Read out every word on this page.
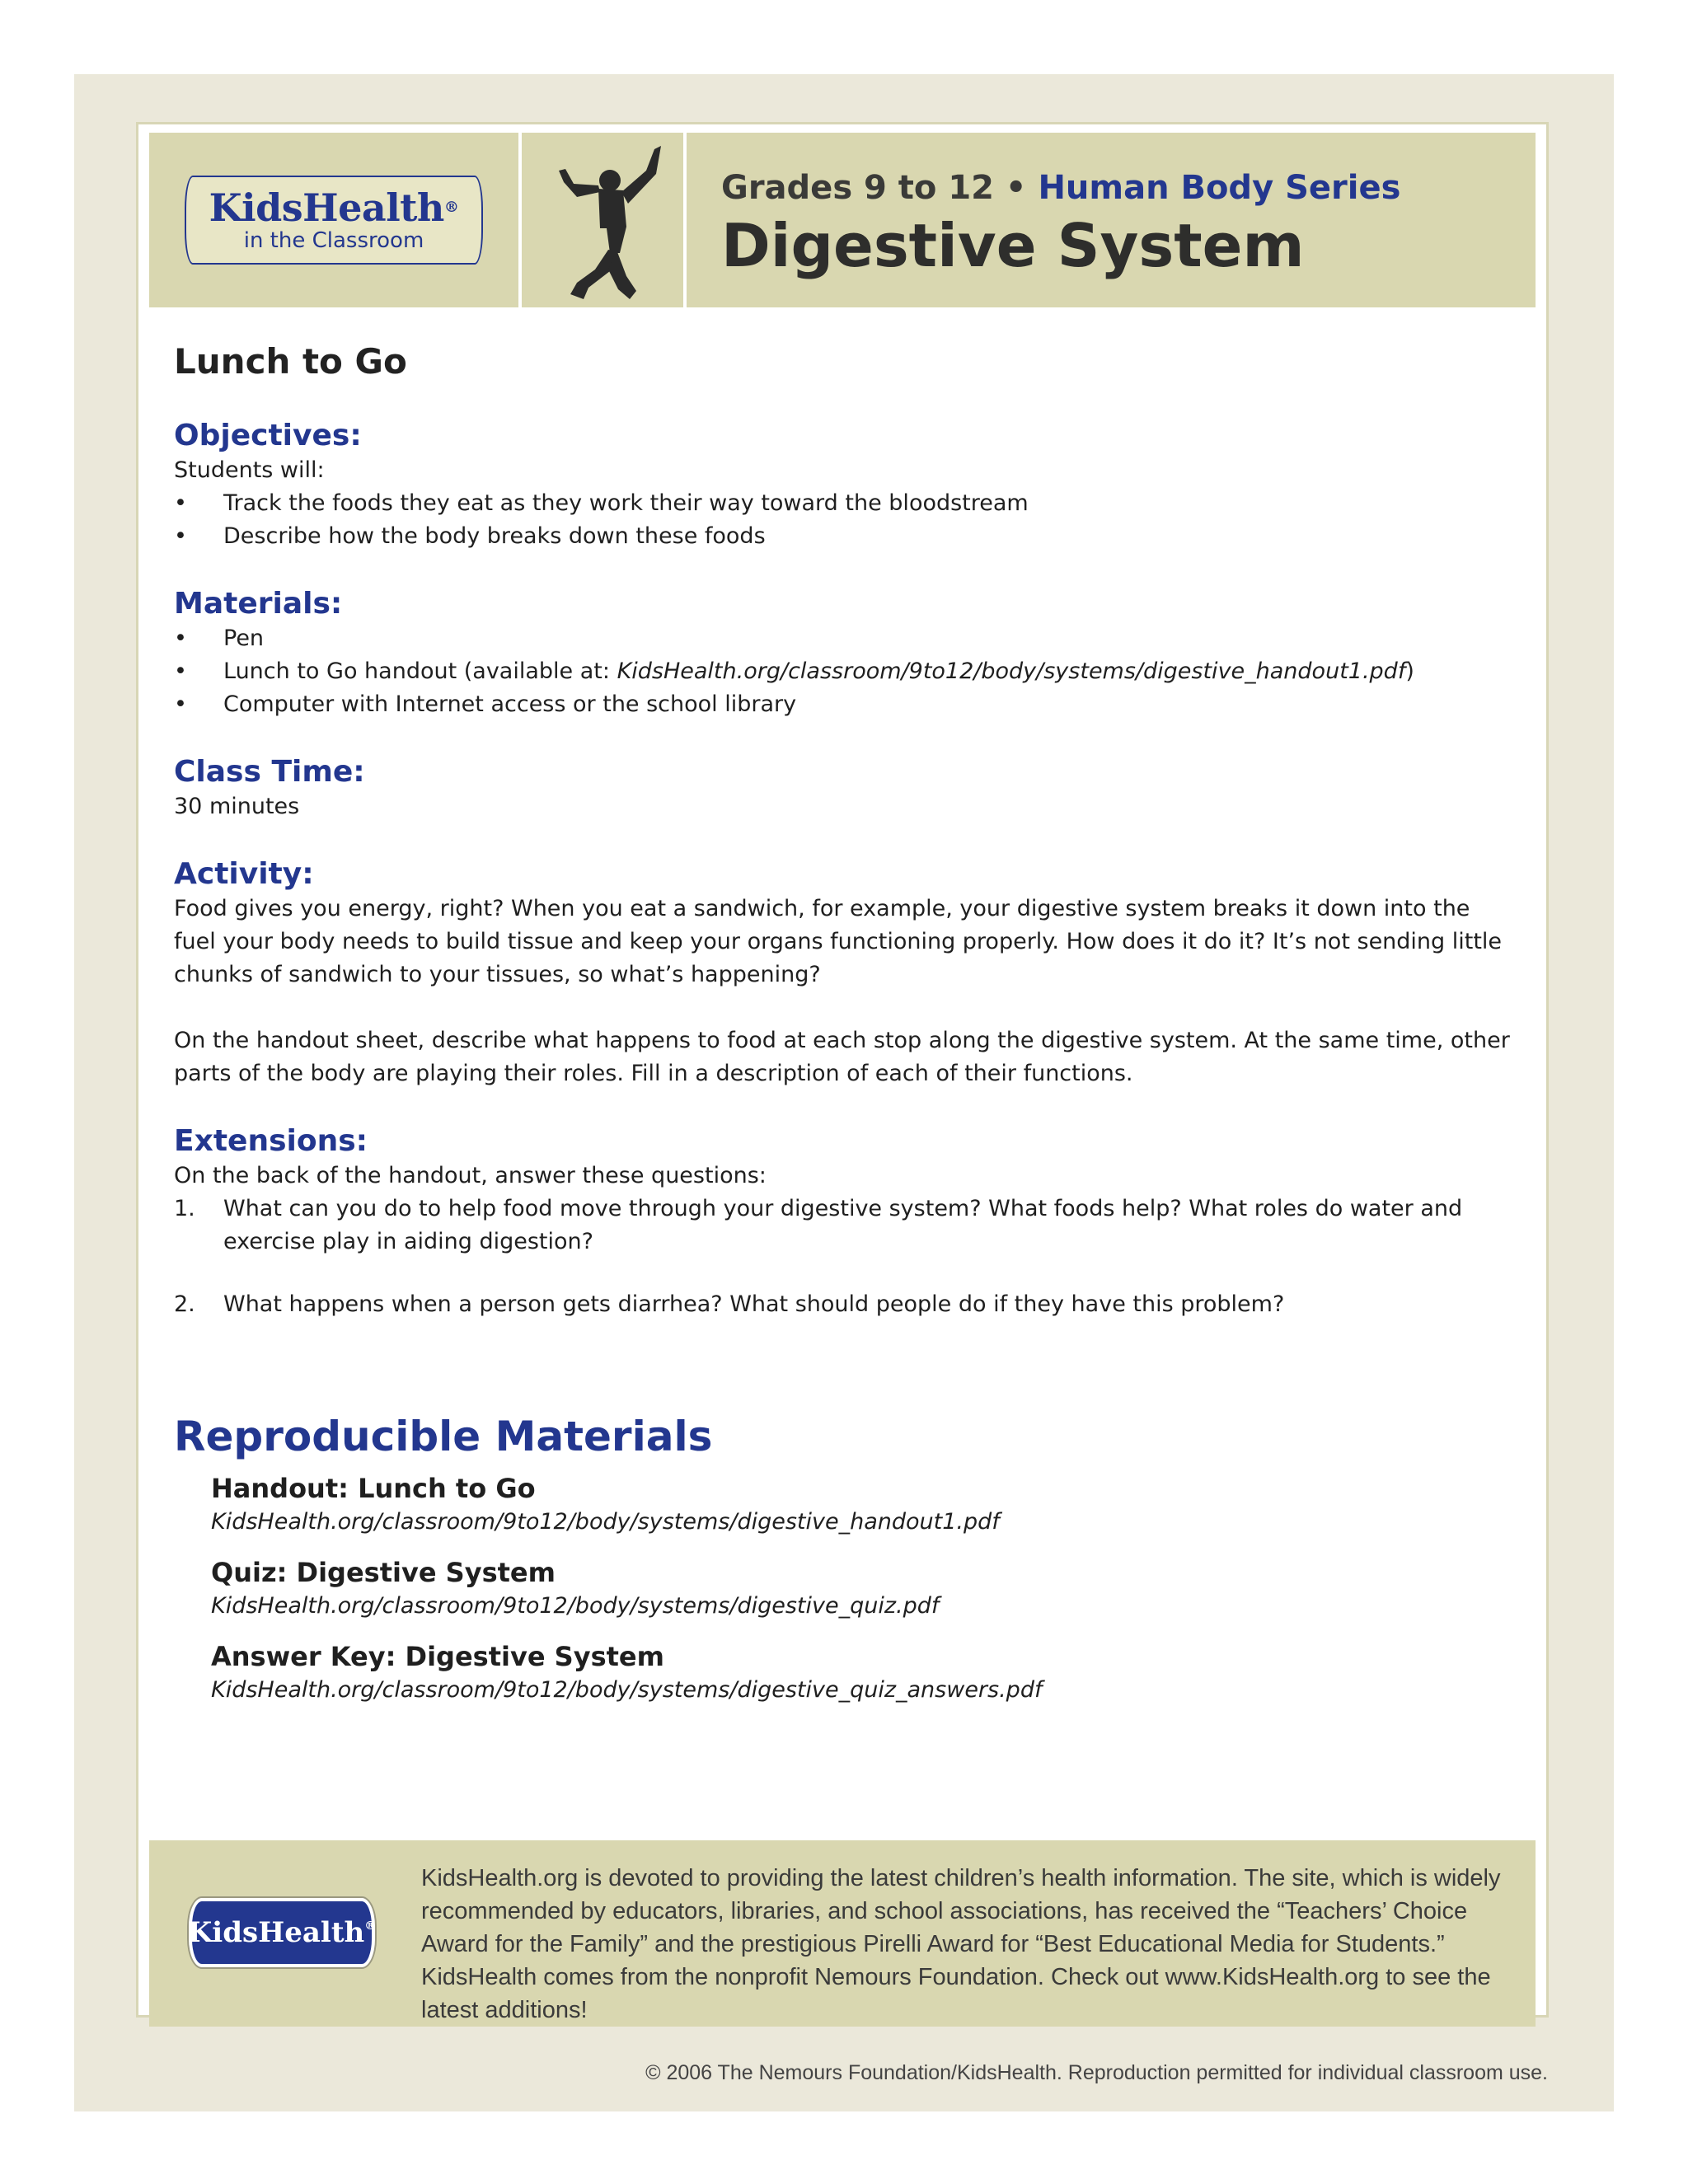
KidsHealth®
in the Classroom
Grades 9 to 12 • Human Body Series
Digestive System
Lunch to Go
Objectives:
Students will:
•	Track the foods they eat as they work their way toward the bloodstream
•	Describe how the body breaks down these foods
Materials:
•	Pen
•	Lunch to Go handout (available at: KidsHealth.org/classroom/9to12/body/systems/digestive_handout1.pdf)
•	Computer with Internet access or the school library
Class Time:
30 minutes
Activity:
Food gives you energy, right? When you eat a sandwich, for example, your digestive system breaks it down into the fuel your body needs to build tissue and keep your organs functioning properly. How does it do it? It’s not sending little chunks of sandwich to your tissues, so what’s happening?
On the handout sheet, describe what happens to food at each stop along the digestive system. At the same time, other parts of the body are playing their roles. Fill in a description of each of their functions.
Extensions:
On the back of the handout, answer these questions:
1.	What can you do to help food move through your digestive system? What foods help? What roles do water and exercise play in aiding digestion?
2.	What happens when a person gets diarrhea? What should people do if they have this problem?
Reproducible Materials
Handout: Lunch to Go
KidsHealth.org/classroom/9to12/body/systems/digestive_handout1.pdf
Quiz: Digestive System
KidsHealth.org/classroom/9to12/body/systems/digestive_quiz.pdf
Answer Key: Digestive System
KidsHealth.org/classroom/9to12/body/systems/digestive_quiz_answers.pdf
KidsHealth ®
KidsHealth.org is devoted to providing the latest children’s health information. The site, which is widely recommended by educators, libraries, and school associations, has received the “Teachers’ Choice Award for the Family” and the prestigious Pirelli Award for “Best Educational Media for Students.” KidsHealth comes from the nonprofit Nemours Foundation. Check out www.KidsHealth.org to see the latest additions!
© 2006 The Nemours Foundation/KidsHealth. Reproduction permitted for individual classroom use.
